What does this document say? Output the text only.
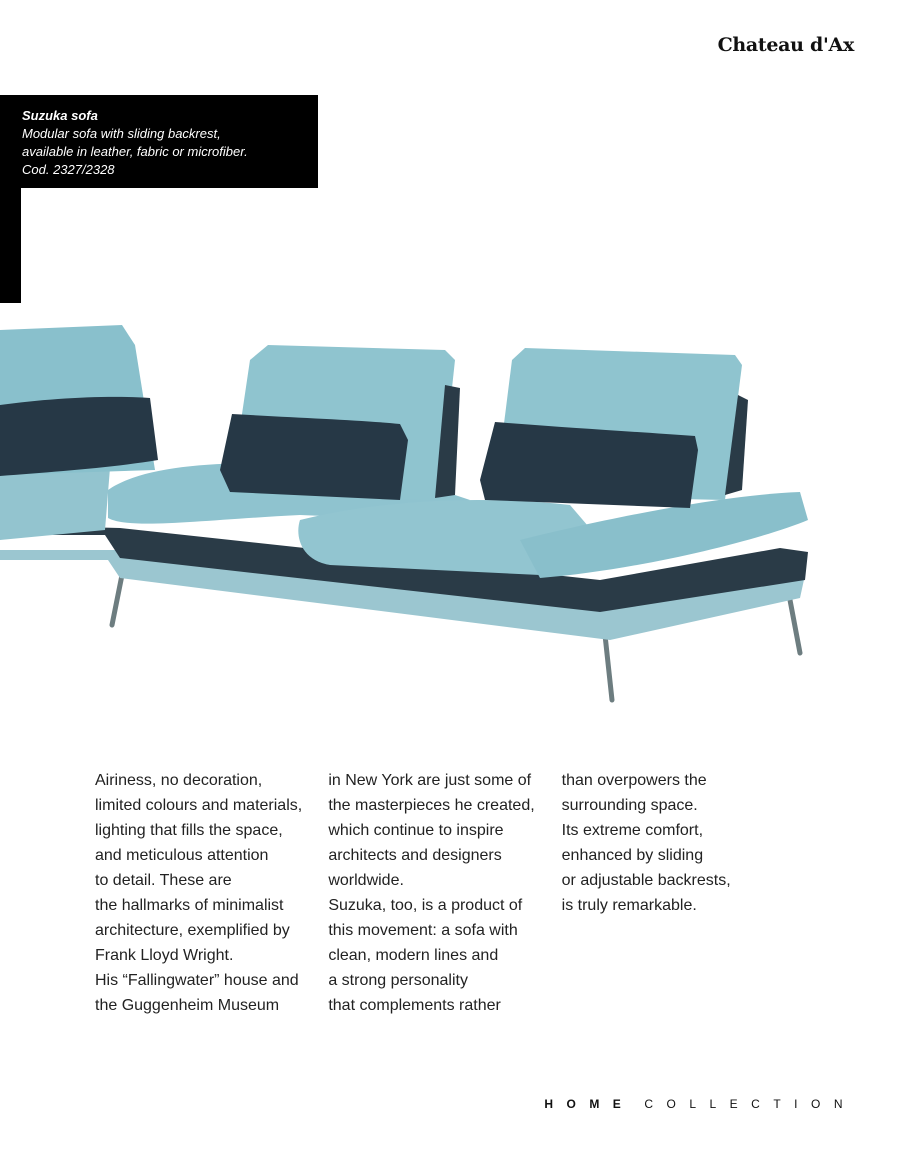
Chateau d'Ax
Suzuka sofa
Modular sofa with sliding backrest,
available in leather, fabric or microfiber.
Cod. 2327/2328
Airiness, no decoration,
limited colours and materials,
lighting that fills the space,
and meticulous attention
to detail. These are
the hallmarks of minimalist
architecture, exemplified by
Frank Lloyd Wright.
His “Fallingwater” house and
the Guggenheim Museum
in New York are just some of
the masterpieces he created,
which continue to inspire
architects and designers
worldwide.
Suzuka, too, is a product of
this movement: a sofa with
clean, modern lines and
a strong personality
that complements rather
than overpowers the
surrounding space.
Its extreme comfort,
enhanced by sliding
or adjustable backrests,
is truly remarkable.
HOME COLLECTION
